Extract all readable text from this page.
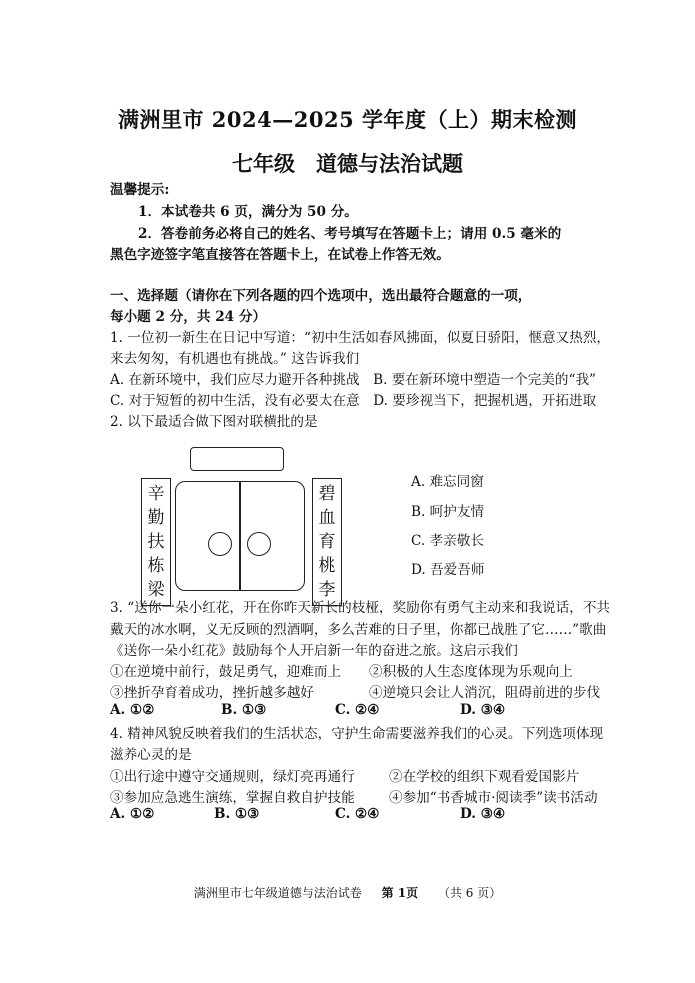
满洲里市 2024—2025 学年度（上）期末检测
七年级　道德与法治试题
温馨提示:
1．本试卷共 6 页，满分为 50 分。
2．答卷前务必将自己的姓名、考号填写在答题卡上；请用 0.5 毫米的
黑色字迹签字笔直接答在答题卡上，在试卷上作答无效。
一、选择题（请你在下列各题的四个选项中，选出最符合题意的一项，
每小题 2 分，共 24 分）
1. 一位初一新生在日记中写道：“初中生活如春风拂面，似夏日骄阳，惬意又热烈，
来去匆匆，有机遇也有挑战。” 这告诉我们
A. 在新环境中，我们应尽力避开各种挑战　B. 要在新环境中塑造一个完美的“我”
C. 对于短暂的初中生活，没有必要太在意　D. 要珍视当下，把握机遇，开拓进取
2. 以下最适合做下图对联横批的是
辛
勤
扶
栋
梁
碧
血
育
桃
李
A. 难忘同窗
B. 呵护友情
C. 孝亲敬长
D. 吾爱吾师
3. “送你一朵小红花，开在你昨天新长的枝桠，奖励你有勇气主动来和我说话，不共
戴天的冰水啊，义无反顾的烈酒啊，多么苦难的日子里，你都已战胜了它……”歌曲
《送你一朵小红花》鼓励每个人开启新一年的奋进之旅。这启示我们
①在逆境中前行，鼓足勇气，迎难而上 ②积极的人生态度体现为乐观向上
③挫折孕育着成功，挫折越多越好	④逆境只会让人消沉，阻碍前进的步伐
A. ①②	B. ①③	C. ②④	D. ③④
4. 精神风貌反映着我们的生活状态，守护生命需要滋养我们的心灵。下列选项体现
滋养心灵的是
①出行途中遵守交通规则，绿灯亮再通行	②在学校的组织下观看爱国影片
③参加应急逃生演练，掌握自救自护技能	④参加“书香城市·阅读季”读书活动
A. ①②	B. ①③	C. ②④	D. ③④
满洲里市七年级道德与法治试卷 第 1页 （共 6 页）
